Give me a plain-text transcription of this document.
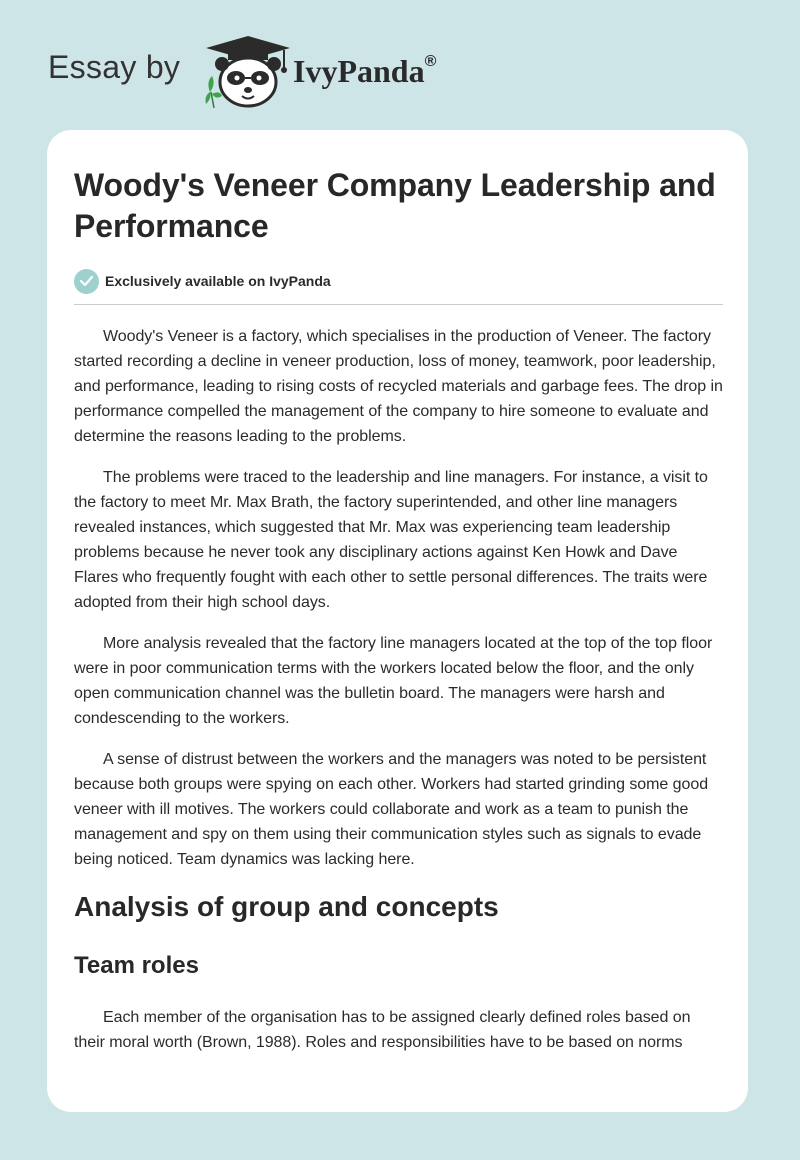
Essay by	IvyPanda®
Woody's Veneer Company Leadership and Performance
Exclusively available on IvyPanda

Woody's Veneer is a factory, which specialises in the production of Veneer. The factory started recording a decline in veneer production, loss of money, teamwork, poor leadership, and performance, leading to rising costs of recycled materials and garbage fees. The drop in performance compelled the management of the company to hire someone to evaluate and determine the reasons leading to the problems.

The problems were traced to the leadership and line managers. For instance, a visit to the factory to meet Mr. Max Brath, the factory superintended, and other line managers revealed instances, which suggested that Mr. Max was experiencing team leadership problems because he never took any disciplinary actions against Ken Howk and Dave Flares who frequently fought with each other to settle personal differences. The traits were adopted from their high school days.

More analysis revealed that the factory line managers located at the top of the top floor were in poor communication terms with the workers located below the floor, and the only open communication channel was the bulletin board. The managers were harsh and condescending to the workers.

A sense of distrust between the workers and the managers was noted to be persistent because both groups were spying on each other. Workers had started grinding some good veneer with ill motives. The workers could collaborate and work as a team to punish the management and spy on them using their communication styles such as signals to evade being noticed. Team dynamics was lacking here.

Analysis of group and concepts
Team roles

Each member of the organisation has to be assigned clearly defined roles based on their moral worth (Brown, 1988). Roles and responsibilities have to be based on norms
